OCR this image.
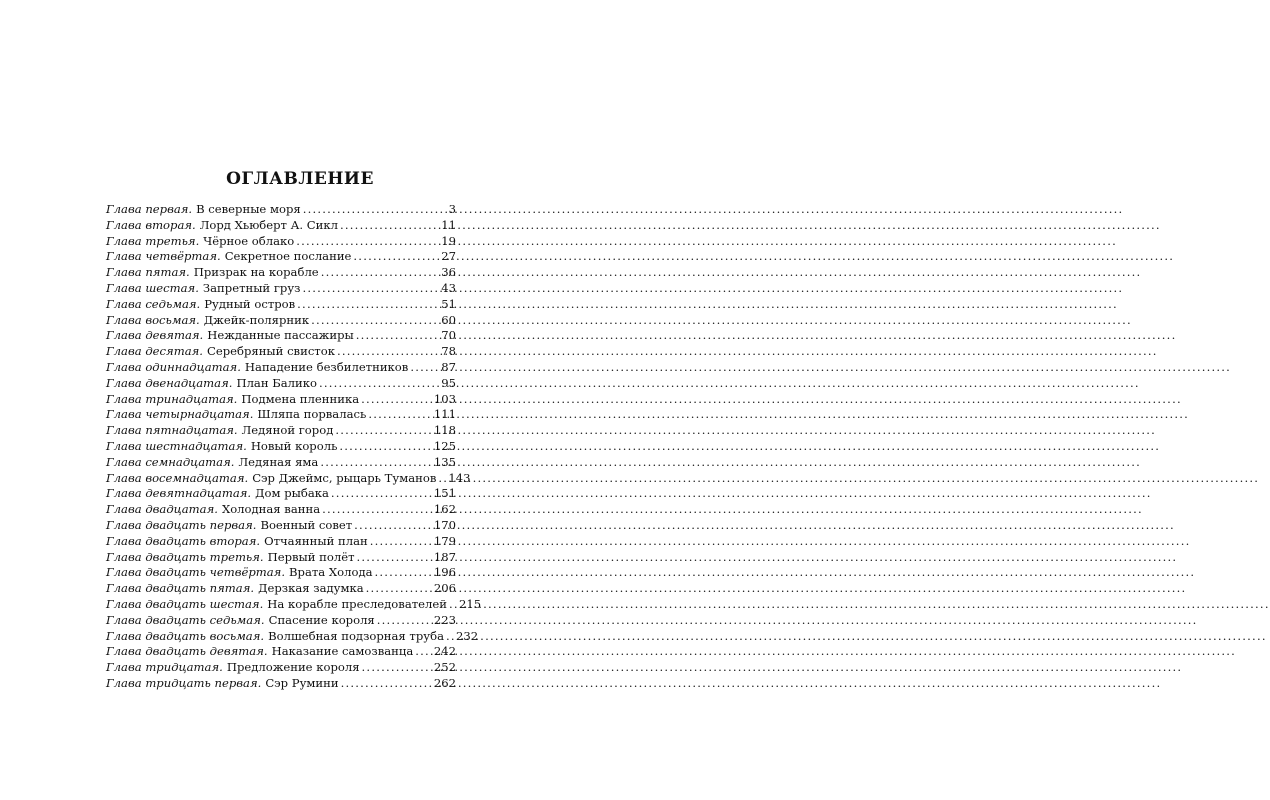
ОГЛАВЛЕНИЕ
Глава первая. В северные моря .....	3
Глава вторая. Лорд Хьюберт А. Сикл .....	11
Глава третья. Чёрное облако .....	19
Глава четвёртая. Секретное послание .....	27
Глава пятая. Призрак на корабле .....	36
Глава шестая. Запретный груз .....	43
Глава седьмая. Рудный остров .....	51
Глава восьмая. Джейк-полярник .....	60
Глава девятая. Нежданные пассажиры .....	70
Глава десятая. Серебряный свисток .....	78
Глава одиннадцатая. Нападение безбилетников .....	87
Глава двенадцатая. План Балико .....	95
Глава тринадцатая. Подмена пленника .....	103
Глава четырнадцатая. Шляпа порвалась .....	111
Глава пятнадцатая. Ледяной город .....	118
Глава шестнадцатая. Новый король .....	125
Глава семнадцатая. Ледяная яма .....	135
Глава восемнадцатая. Сэр Джеймс, рыцарь Туманов ..... 143
Глава девятнадцатая. Дом рыбака .....	151
Глава двадцатая. Холодная ванна .....	162
Глава двадцать первая. Военный совет .....	170
Глава двадцать вторая. Отчаянный план .....	179
Глава двадцать третья. Первый полёт .....	187
Глава двадцать четвёртая. Врата Холода .....	196
Глава двадцать пятая. Дерзкая задумка .....	206
Глава двадцать шестая. На корабле преследователей ..... 215
Глава двадцать седьмая. Спасение короля .....	223
Глава двадцать восьмая. Волшебная подзорная труба ..... 232
Глава двадцать девятая. Наказание самозванца ..... 242
Глава тридцатая. Предложение короля .....	252
Глава тридцать первая. Сэр Румини .....	262
